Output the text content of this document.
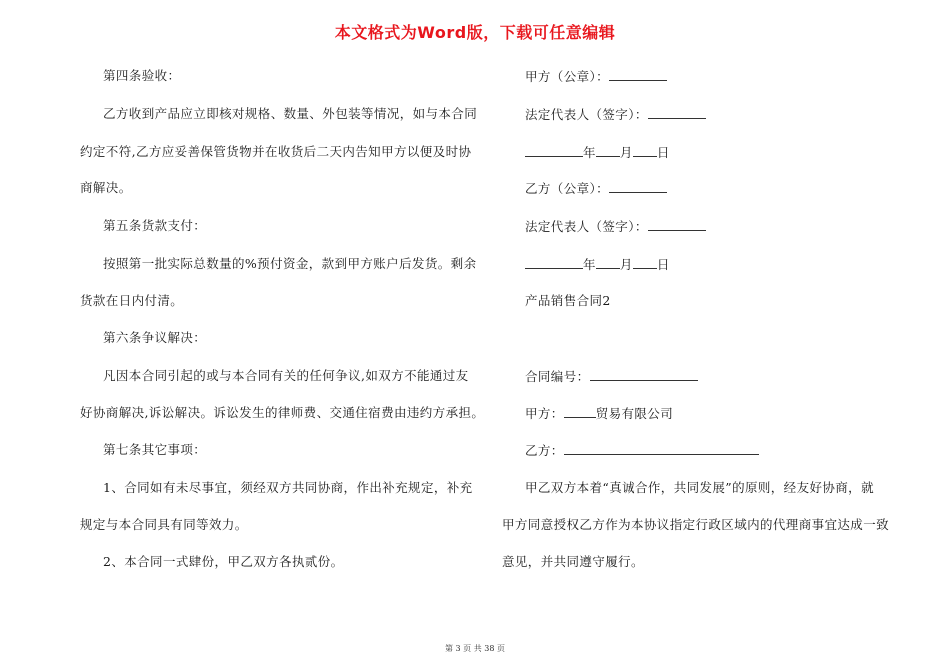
本文格式为Word版，下载可任意编辑
第四条验收：
乙方收到产品应立即核对规格、数量、外包装等情况，如与本合同
约定不符,乙方应妥善保管货物并在收货后二天内告知甲方以便及时协
商解决。
第五条货款支付：
按照第一批实际总数量的%预付资金，款到甲方账户后发货。剩余
货款在日内付清。
第六条争议解决：
凡因本合同引起的或与本合同有关的任何争议,如双方不能通过友
好协商解决,诉讼解决。诉讼发生的律师费、交通住宿费由违约方承担。
第七条其它事项：
1、合同如有未尽事宜，须经双方共同协商，作出补充规定，补充
规定与本合同具有同等效力。
2、本合同一式肆份，甲乙双方各执贰份。
甲方（公章）：
法定代表人（签字）：
年 月 日
乙方（公章）：
法定代表人（签字）：
年 月 日
产品销售合同2
合同编号：
甲方：	贸易有限公司
乙方：
甲乙双方本着“真诚合作，共同发展”的原则，经友好协商，就
甲方同意授权乙方作为本协议指定行政区域内的代理商事宜达成一致
意见，并共同遵守履行。
第 3 页 共 38 页
